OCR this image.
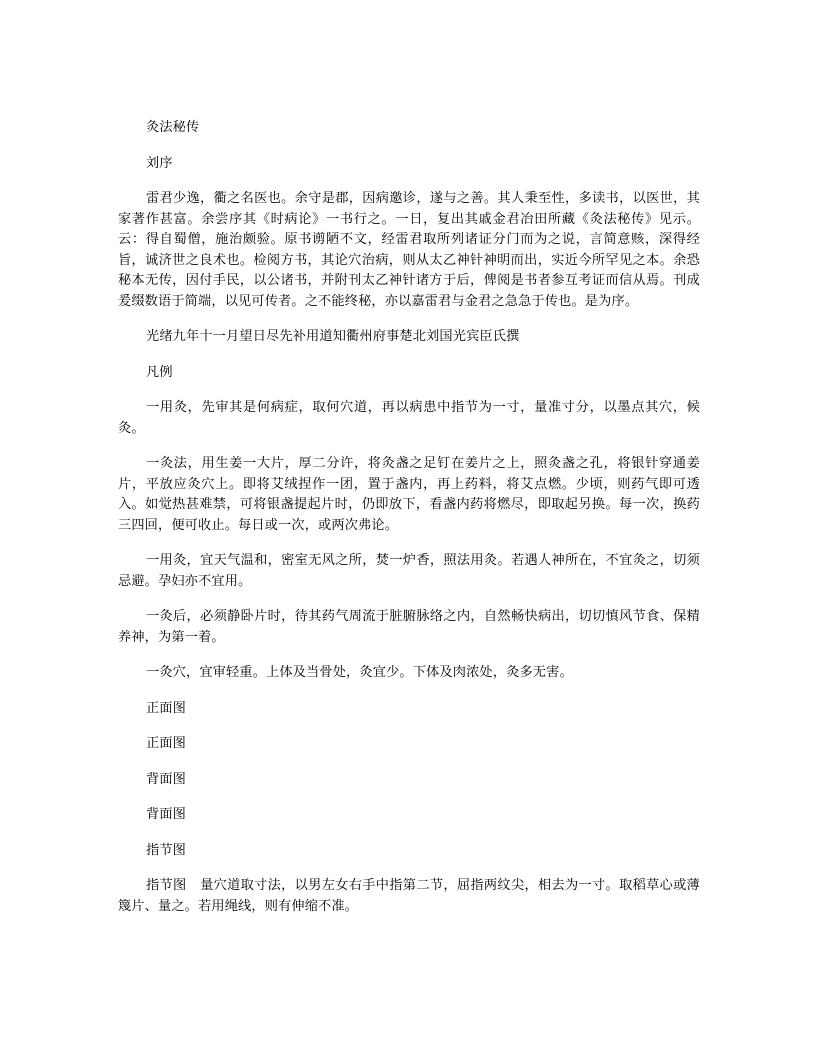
灸法秘传

刘序

雷君少逸，衢之名医也。余守是郡，因病邀诊，遂与之善。其人秉至性，多读书，以医世，其家著作甚富。余尝序其《时病论》一书行之。一日，复出其戚金君冶田所藏《灸法秘传》见示。云：得自蜀僧，施治颇验。原书谫陋不文，经雷君取所列诸证分门而为之说，言简意赅，深得经旨，诚济世之良术也。检阅方书，其论穴治病，则从太乙神针神明而出，实近今所罕见之本。余恐秘本无传，因付手民，以公诸书，并附刊太乙神针诸方于后，俾阅是书者参互考证而信从焉。刊成爰缀数语于简端，以见可传者。之不能终秘，亦以嘉雷君与金君之急急于传也。是为序。

光绪九年十一月望日尽先补用道知衢州府事楚北刘国光宾臣氏撰

凡例

一用灸，先审其是何病症，取何穴道，再以病患中指节为一寸，量准寸分，以墨点其穴，候灸。

一灸法，用生姜一大片，厚二分许，将灸盏之足钉在姜片之上，照灸盏之孔，将银针穿通姜片，平放应灸穴上。即将艾绒捏作一团，置于盏内，再上药料，将艾点燃。少顷，则药气即可透入。如觉热甚难禁，可将银盏提起片时，仍即放下，看盏内药将燃尽，即取起另换。每一次，换药三四回，便可收止。每日或一次，或两次弗论。

一用灸，宜天气温和，密室无风之所，焚一炉香，照法用灸。若遇人神所在，不宜灸之，切须忌避。孕妇亦不宜用。

一灸后，必须静卧片时，待其药气周流于脏腑脉络之内，自然畅快病出，切切慎风节食、保精养神，为第一着。

一灸穴，宜审轻重。上体及当骨处，灸宜少。下体及肉浓处，灸多无害。

正面图

正面图

背面图

背面图

指节图

指节图　量穴道取寸法，以男左女右手中指第二节，屈指两纹尖，相去为一寸。取稻草心或薄篾片、量之。若用绳线，则有伸缩不准。
